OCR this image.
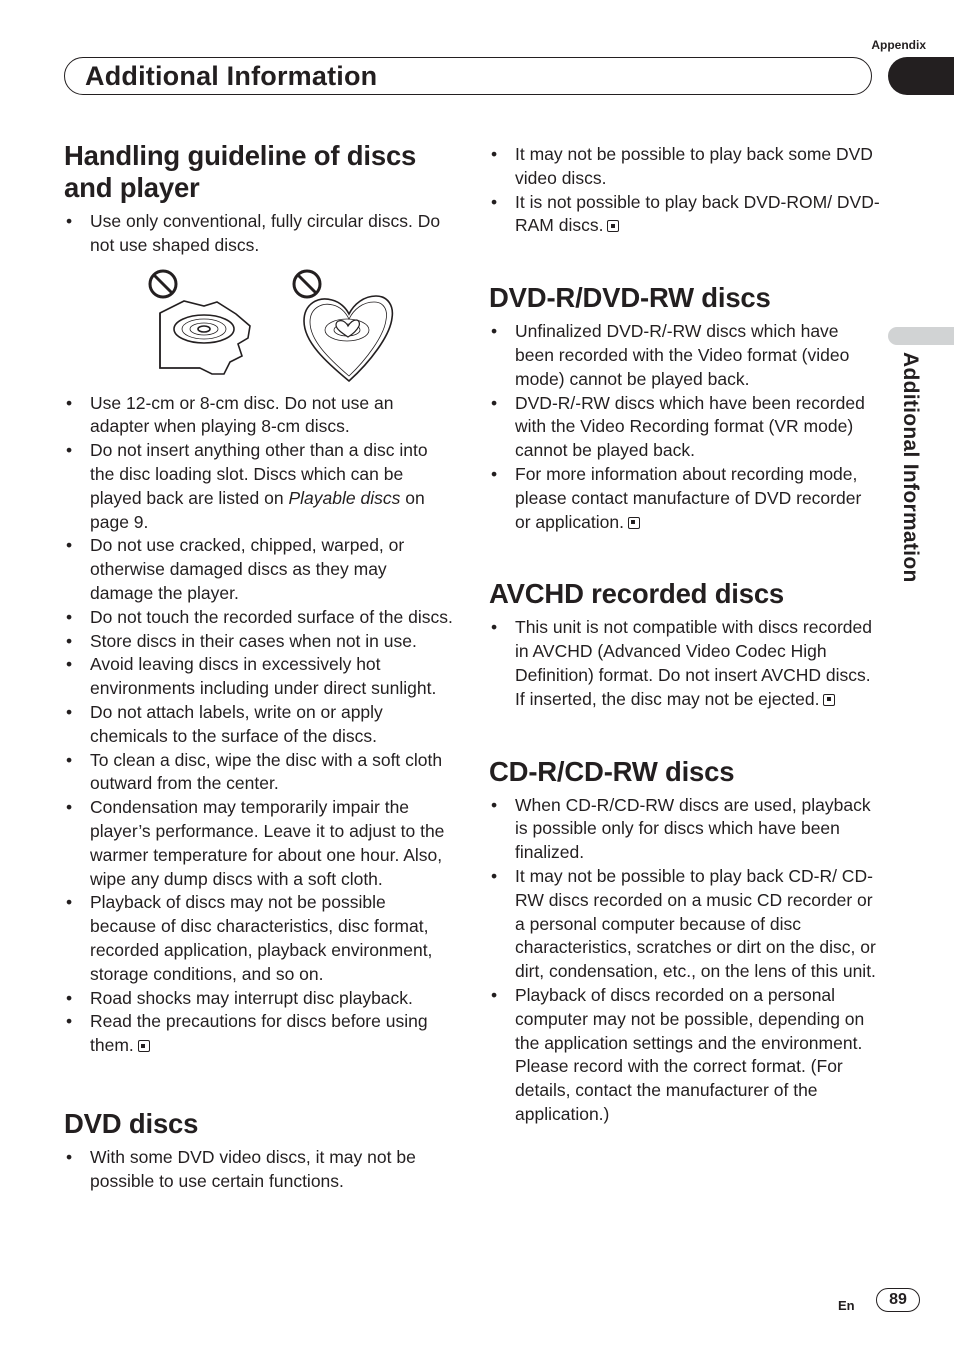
Appendix
Additional Information
Additional Information
Handling guideline of discs and player
• Use only conventional, fully circular discs. Do not use shaped discs.
• Use 12-cm or 8-cm disc. Do not use an adapter when playing 8-cm discs.
• Do not insert anything other than a disc into the disc loading slot. Discs which can be played back are listed on Playable discs on page 9.
• Do not use cracked, chipped, warped, or otherwise damaged discs as they may damage the player.
• Do not touch the recorded surface of the discs.
• Store discs in their cases when not in use.
• Avoid leaving discs in excessively hot environments including under direct sunlight.
• Do not attach labels, write on or apply chemicals to the surface of the discs.
• To clean a disc, wipe the disc with a soft cloth outward from the center.
• Condensation may temporarily impair the player’s performance. Leave it to adjust to the warmer temperature for about one hour. Also, wipe any dump discs with a soft cloth.
• Playback of discs may not be possible because of disc characteristics, disc format, recorded application, playback environment, storage conditions, and so on.
• Road shocks may interrupt disc playback.
• Read the precautions for discs before using them.
DVD discs
• With some DVD video discs, it may not be possible to use certain functions.
• It may not be possible to play back some DVD video discs.
• It is not possible to play back DVD-ROM/ DVD-RAM discs.
DVD-R/DVD-RW discs
• Unfinalized DVD-R/-RW discs which have been recorded with the Video format (video mode) cannot be played back.
• DVD-R/-RW discs which have been recorded with the Video Recording format (VR mode) cannot be played back.
• For more information about recording mode, please contact manufacture of DVD recorder or application.
AVCHD recorded discs
• This unit is not compatible with discs recorded in AVCHD (Advanced Video Codec High Definition) format. Do not insert AVCHD discs. If inserted, the disc may not be ejected.
CD-R/CD-RW discs
• When CD-R/CD-RW discs are used, playback is possible only for discs which have been finalized.
• It may not be possible to play back CD-R/ CD-RW discs recorded on a music CD recorder or a personal computer because of disc characteristics, scratches or dirt on the disc, or dirt, condensation, etc., on the lens of this unit.
• Playback of discs recorded on a personal computer may not be possible, depending on the application settings and the environment. Please record with the correct format. (For details, contact the manufacturer of the application.)
En	89
